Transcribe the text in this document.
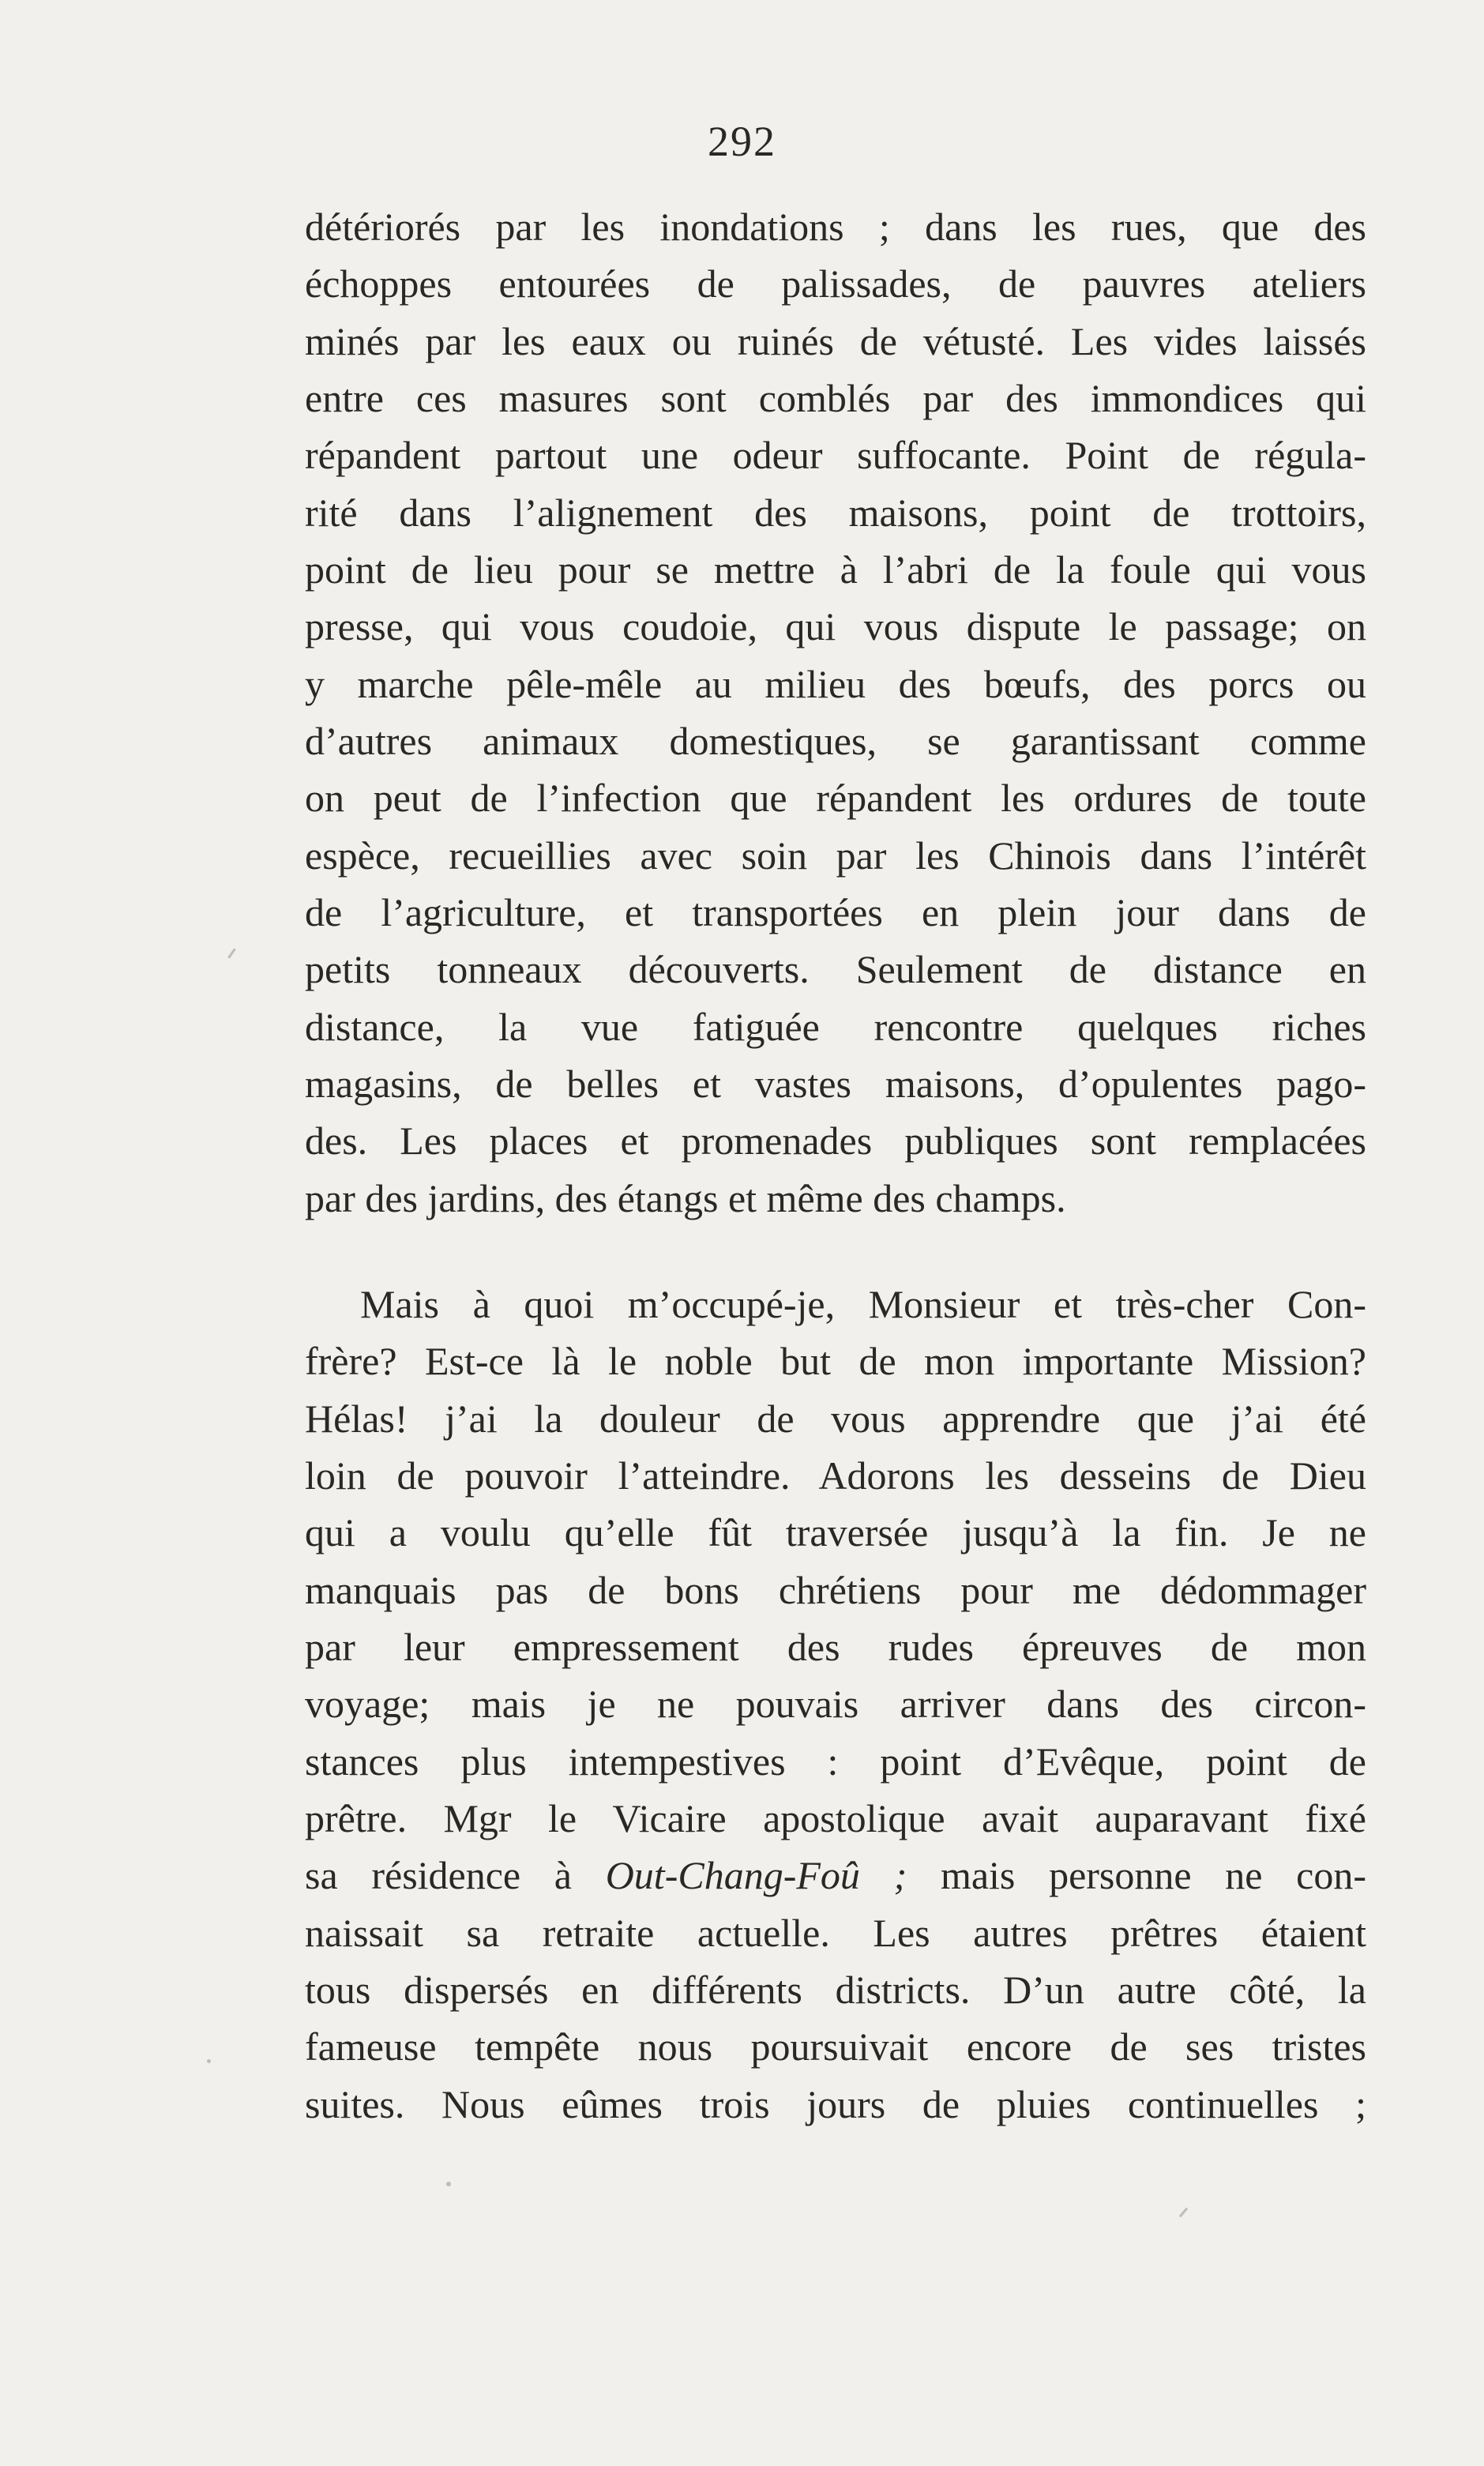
292
détériorés par les inondations ; dans les rues, que des
échoppes entourées de palissades, de pauvres ateliers
minés par les eaux ou ruinés de vétusté. Les vides laissés
entre ces masures sont comblés par des immondices qui
répandent partout une odeur suffocante. Point de régula-
rité dans l’alignement des maisons, point de trottoirs,
point de lieu pour se mettre à l’abri de la foule qui vous
presse, qui vous coudoie, qui vous dispute le passage; on
y marche pêle-mêle au milieu des bœufs, des porcs ou
d’autres animaux domestiques, se garantissant comme
on peut de l’infection que répandent les ordures de toute
espèce, recueillies avec soin par les Chinois dans l’intérêt
de l’agriculture, et transportées en plein jour dans de
petits tonneaux découverts. Seulement de distance en
distance, la vue fatiguée rencontre quelques riches
magasins, de belles et vastes maisons, d’opulentes pago-
des. Les places et promenades publiques sont remplacées
par des jardins, des étangs et même des champs.
Mais à quoi m’occupé-je, Monsieur et très-cher Con-
frère? Est-ce là le noble but de mon importante Mission?
Hélas! j’ai la douleur de vous apprendre que j’ai été
loin de pouvoir l’atteindre. Adorons les desseins de Dieu
qui a voulu qu’elle fût traversée jusqu’à la fin. Je ne
manquais pas de bons chrétiens pour me dédommager
par leur empressement des rudes épreuves de mon
voyage; mais je ne pouvais arriver dans des circon-
stances plus intempestives : point d’Evêque, point de
prêtre. Mgr le Vicaire apostolique avait auparavant fixé
sa résidence à Out-Chang-Foû ; mais personne ne con-
naissait sa retraite actuelle. Les autres prêtres étaient
tous dispersés en différents districts. D’un autre côté, la
fameuse tempête nous poursuivait encore de ses tristes
suites. Nous eûmes trois jours de pluies continuelles ;
